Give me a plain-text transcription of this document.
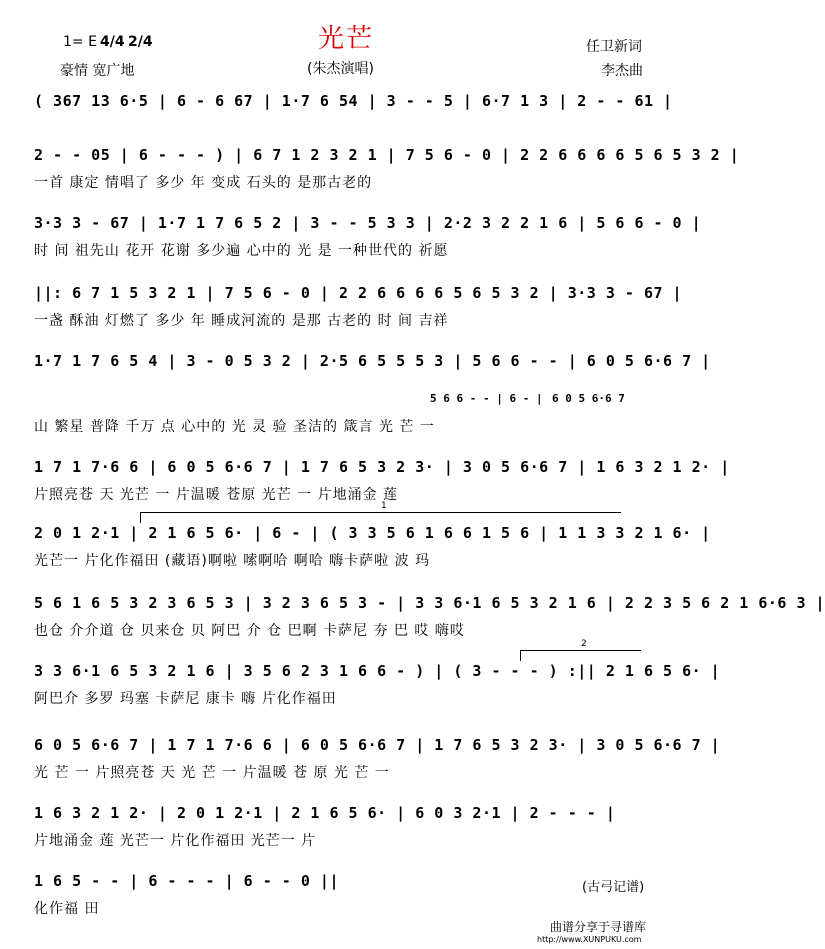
光芒
1= E 4/4 2/4
豪情 宽广地	(朱杰演唱)
任卫新词
李杰曲
( 367 13 6·5 | 6 - 6 67 | 1·7 6 54 | 3 - - 5 | 6·7 1 3 | 2 - - 61 |
2 - - 05 | 6 - - - ) | 6 7 1 2 3 2 1 | 7 5 6 - 0 | 2 2 6 6 6 6 5 6 5 3 2 |
一首 康定 情唱了 多少 年 变成 石头的 是那古老的
3·3 3 - 67 | 1·7 1 7 6 5 2 | 3 - - 5 3 3 | 2·2 3 2 2 1 6 | 5 6 6 - 0 |
时 间 祖先山 花开 花谢 多少遍 心中的 光 是 一种世代的 祈愿
||: 6 7 1 5 3 2 1 | 7 5 6 - 0 | 2 2 6 6 6 6 5 6 5 3 2 | 3·3 3 - 67 |
一盏 酥油 灯燃了 多少 年 睡成河流的 是那 古老的 时 间 吉祥
1·7 1 7 6 5 4 | 3 - 0 5 3 2 | 2·5 6 5 5 5 3 | 5 6 6 - - | 6 0 5 6·6 7 |
5 6 6 - - | 6 - | 6 0 5 6·6 7
山 繁星 普降 千万 点 心中的 光 灵 验 圣洁的 箴言 光 芒 一
1 7 1 7·6 6 | 6 0 5 6·6 7 | 1 7 6 5 3 2 3· | 3 0 5 6·6 7 | 1 6 3 2 1 2· |
片照亮苍 天 光芒 一 片温暖 苍原 光芒 一 片地涌金 莲
1
2 0 1 2·1 | 2 1 6 5 6· | 6 - | ( 3 3 5 6 1 6 6 1 5 6 | 1 1 3 3 2 1 6· |
光芒一 片化作福田 (藏语)啊啦 嗦啊哈 啊哈 嗨卡萨啦 波 玛
5 6 1 6 5 3 2 3 6 5 3 | 3 2 3 6 5 3 - | 3 3 6·1 6 5 3 2 1 6 | 2 2 3 5 6 2 1 6·6 3 |
也仓 介介道 仓 贝来仓 贝 阿巴 介 仓 巴啊 卡萨尼 夯 巴 哎 嗨哎
2
3 3 6·1 6 5 3 2 1 6 | 3 5 6 2 3 1 6 6 - ) | ( 3 - - - ) :|| 2 1 6 5 6· |
阿巴介 多罗 玛塞 卡萨尼 康卡 嗨 片化作福田
6 0 5 6·6 7 | 1 7 1 7·6 6 | 6 0 5 6·6 7 | 1 7 6 5 3 2 3· | 3 0 5 6·6 7 |
光 芒 一 片照亮苍 天 光 芒 一 片温暖 苍 原 光 芒 一
1 6 3 2 1 2· | 2 0 1 2·1 | 2 1 6 5 6· | 6 0 3 2·1 | 2 - - - |
片地涌金 莲 光芒一 片化作福田 光芒一 片
1 6 5 - - | 6 - - - | 6 - - 0 ||
化作福 田
(古弓记谱)
曲谱分享于寻谱库
http://www.XUNPUKU.com
